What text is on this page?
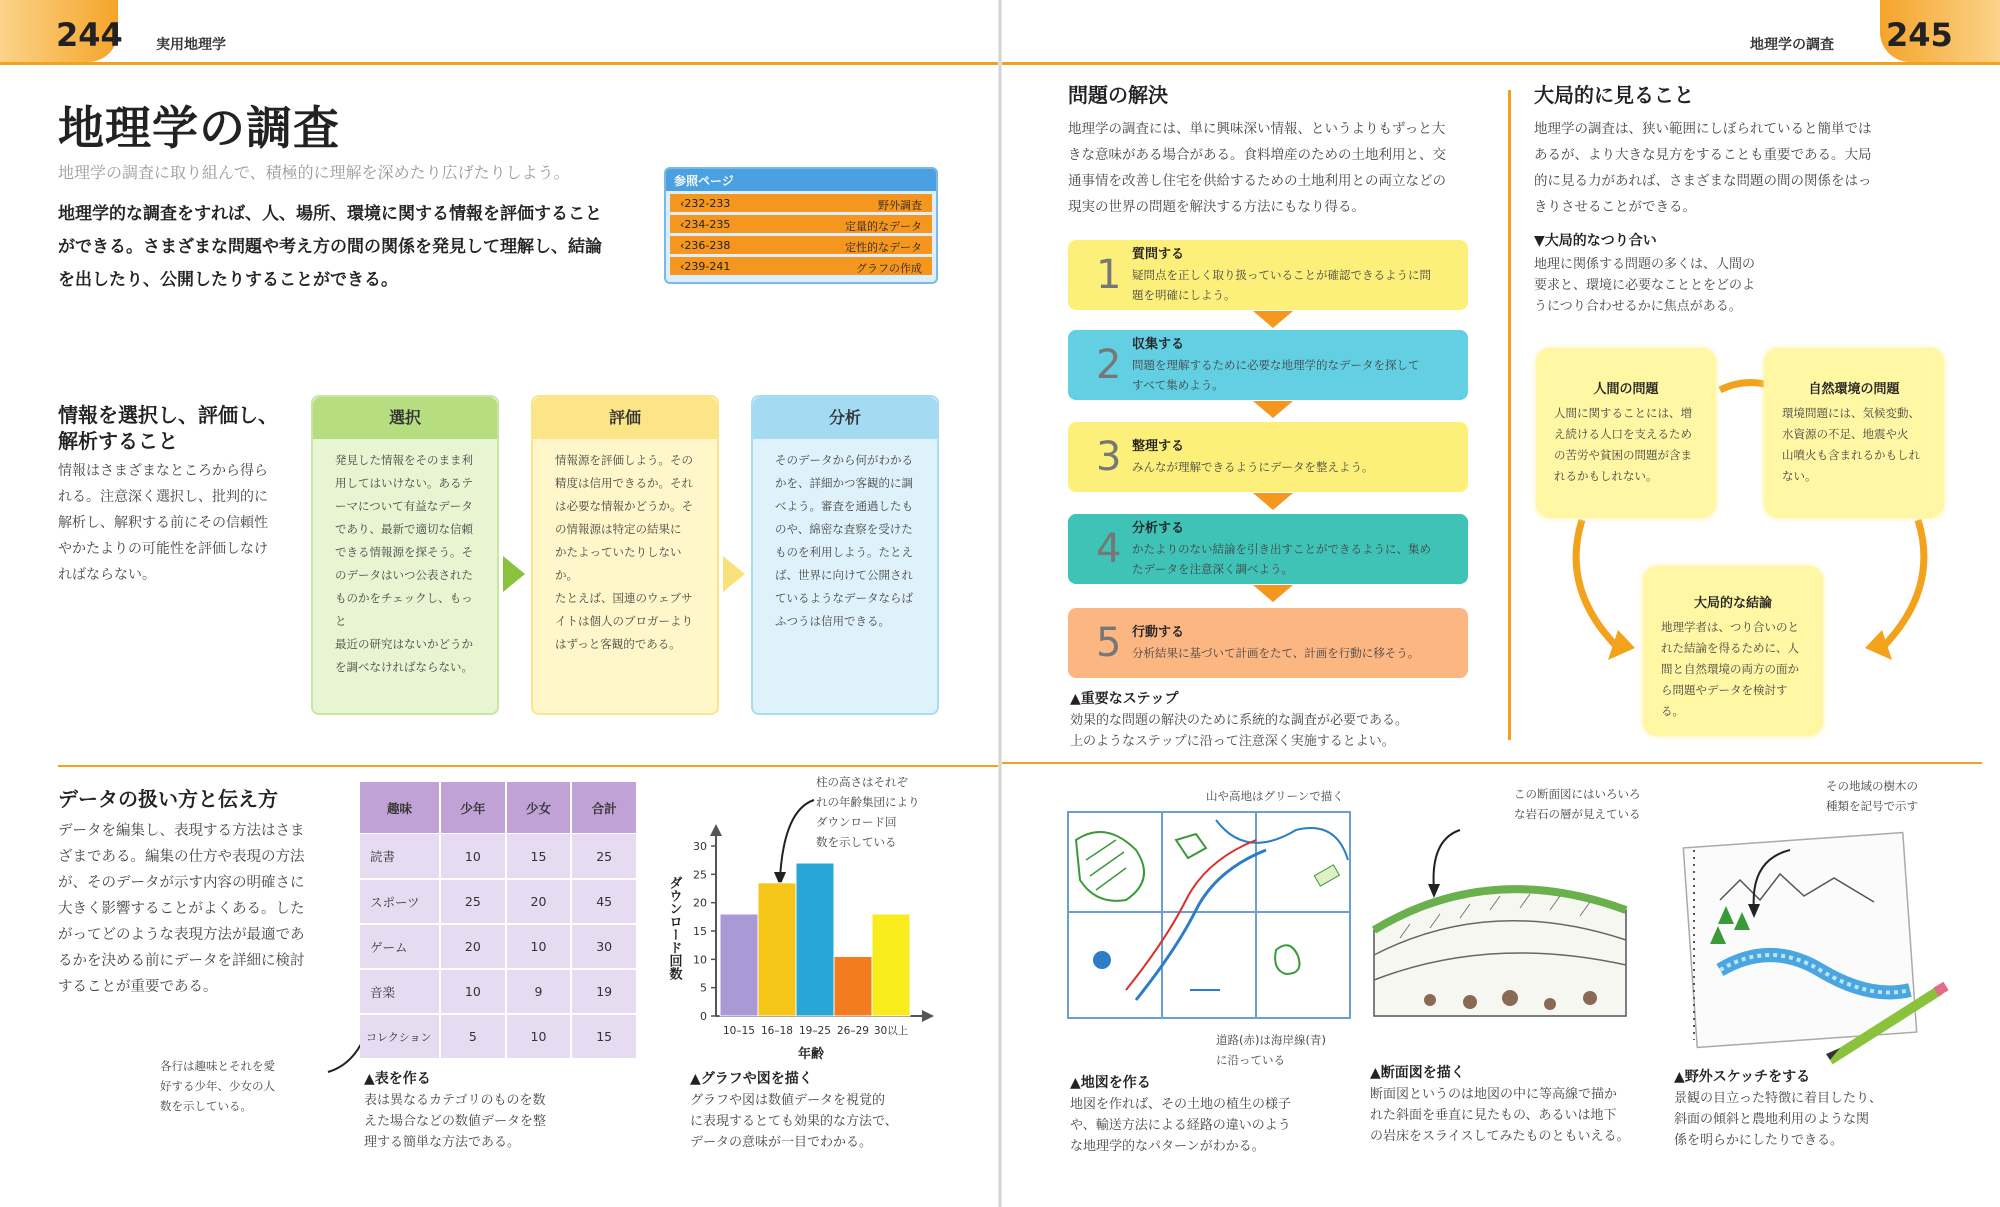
244 実用地理学	245
地理学の調査
地理学の調査
地理学の調査に取り組んで、積極的に理解を深めたり広げたりしよう。
地理学的な調査をすれば、人、場所、環境に関する情報を評価すること
ができる。さまざまな問題や考え方の間の関係を発見して理解し、結論
を出したり、公開したりすることができる。
参照ページ
‹232-233	野外調査
‹234-235	定量的なデータ
‹236-238	定性的なデータ
‹239-241	グラフの作成
情報を選択し、評価し、
解析すること
情報はさまざまなところから得ら
れる。注意深く選択し、批判的に
解析し、解釈する前にその信頼性
やかたよりの可能性を評価しなけ
ればならない。
選択
発見した情報をそのまま利
用してはいけない。あるテ
ーマについて有益なデータ
であり、最新で適切な信頼
できる情報源を探そう。そ
のデータはいつ公表された
ものかをチェックし、もっと
最近の研究はないかどうか
を調べなければならない。
評価
情報源を評価しよう。その
精度は信用できるか。それ
は必要な情報かどうか。そ
の情報源は特定の結果に
かたよっていたりしないか。
たとえば、国連のウェブサ
イトは個人のブロガーより
はずっと客観的である。
分析
そのデータから何がわかる
かを、詳細かつ客観的に調
べよう。審査を通過したも
のや、綿密な査察を受けた
ものを利用しよう。たとえ
ば、世界に向けて公開され
ているようなデータならば
ふつうは信用できる。
問題の解決
地理学の調査には、単に興味深い情報、というよりもずっと大
きな意味がある場合がある。食料増産のための土地利用と、交
通事情を改善し住宅を供給するための土地利用との両立などの
現実の世界の問題を解決する方法にもなり得る。
1 質問する
疑問点を正しく取り扱っていることが確認できるように問
題を明確にしよう。
2 収集する
問題を理解するために必要な地理学的なデータを探して
すべて集めよう。
3 整理する
みんなが理解できるようにデータを整えよう。
4 分析する
かたよりのない結論を引き出すことができるように、集め
たデータを注意深く調べよう。
5 行動する
分析結果に基づいて計画をたて、計画を行動に移そう。
▲重要なステップ
効果的な問題の解決のために系統的な調査が必要である。
上のようなステップに沿って注意深く実施するとよい。
大局的に見ること
地理学の調査は、狭い範囲にしぼられていると簡単では
あるが、より大きな見方をすることも重要である。大局
的に見る力があれば、さまざまな問題の間の関係をはっ
きりさせることができる。
▼大局的なつり合い
地理に関係する問題の多くは、人間の
要求と、環境に必要なこととをどのよ
うにつり合わせるかに焦点がある。
人間の問題
人間に関することには、増
え続ける人口を支えるため
の苦労や貧困の問題が含ま
れるかもしれない。
自然環境の問題
環境問題には、気候変動、
水資源の不足、地震や火
山噴火も含まれるかもしれ
ない。
大局的な結論
地理学者は、つり合いのと
れた結論を得るために、人
間と自然環境の両方の面か
ら問題やデータを検討する。
データの扱い方と伝え方
データを編集し、表現する方法はさま
ざまである。編集の仕方や表現の方法
が、そのデータが示す内容の明確さに
大きく影響することがよくある。した
がってどのような表現方法が最適であ
るかを決める前にデータを詳細に検討
することが重要である。
各行は趣味とそれを愛
好する少年、少女の人
数を示している。
趣味	少年	少女	合計
読書	10	15	25
スポーツ	25	20	45
ゲーム	20	10	30
音楽	10	9	19
コレクション	5	10	15
▲表を作る
表は異なるカテゴリのものを数
えた場合などの数値データを整
理する簡単な方法である。
柱の高さはそれぞ
れの年齢集団により
ダウンロード回
数を示している
0
5
10
15
20
25
30
10–15 16–18 19–25 26–29 30以上
年齢
ダウンロード回数
▲グラフや図を描く
グラフや図は数値データを視覚的
に表現するとても効果的な方法で、
データの意味が一目でわかる。
山や高地はグリーンで描く
道路(赤)は海岸線(青)
に沿っている
▲地図を作る
地図を作れば、その土地の植生の様子
や、輸送方法による経路の違いのよう
な地理学的なパターンがわかる。
この断面図にはいろいろ
な岩石の層が見えている
▲断面図を描く
断面図というのは地図の中に等高線で描か
れた斜面を垂直に見たもの、あるいは地下
の岩床をスライスしてみたものともいえる。
その地域の樹木の
種類を記号で示す
▲野外スケッチをする
景観の目立った特徴に着目したり、
斜面の傾斜と農地利用のような関
係を明らかにしたりできる。
